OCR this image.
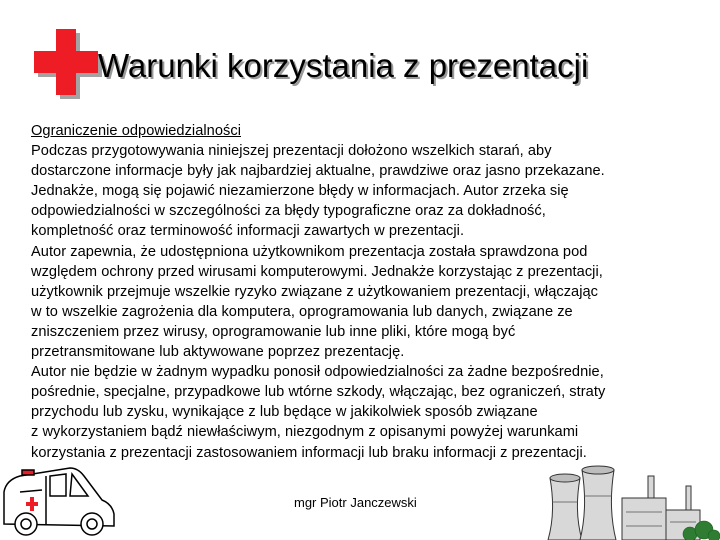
Warunki korzystania z prezentacji
Ograniczenie odpowiedzialności
Podczas przygotowywania niniejszej prezentacji dołożono wszelkich starań, aby
dostarczone informacje były jak najbardziej aktualne, prawdziwe oraz jasno przekazane.
Jednakże, mogą się pojawić niezamierzone błędy w informacjach. Autor zrzeka się
odpowiedzialności w szczególności za błędy typograficzne oraz za dokładność,
kompletność oraz terminowość informacji zawartych w prezentacji.
Autor zapewnia, że udostępniona użytkownikom prezentacja została sprawdzona pod
względem ochrony przed wirusami komputerowymi. Jednakże korzystając z prezentacji,
użytkownik przejmuje wszelkie ryzyko związane z użytkowaniem prezentacji, włączając
w to wszelkie zagrożenia dla komputera, oprogramowania lub danych, związane ze
zniszczeniem przez wirusy, oprogramowanie lub inne pliki, które mogą być
przetransmitowane lub aktywowane poprzez prezentację.
Autor nie będzie w żadnym wypadku ponosił odpowiedzialności za żadne bezpośrednie,
pośrednie, specjalne, przypadkowe lub wtórne szkody, włączając, bez ograniczeń, straty
przychodu lub zysku, wynikające z lub będące w jakikolwiek sposób związane
z wykorzystaniem bądź niewłaściwym, niezgodnym z opisanymi powyżej warunkami
korzystania z prezentacji zastosowaniem informacji lub braku informacji z prezentacji.
mgr Piotr Janczewski
